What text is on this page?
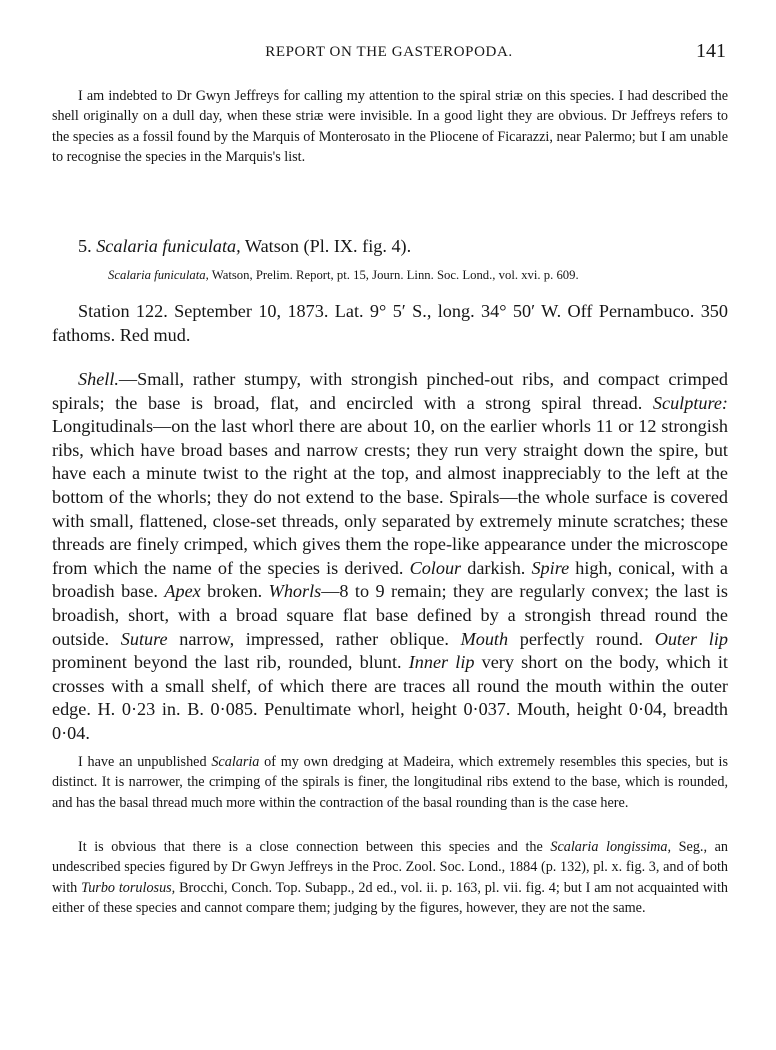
REPORT ON THE GASTEROPODA.	141

I am indebted to Dr Gwyn Jeffreys for calling my attention to the spiral striæ on this species. I had described the shell originally on a dull day, when these striæ were invisible. In a good light they are obvious. Dr Jeffreys refers to the species as a fossil found by the Marquis of Monterosato in the Pliocene of Ficarazzi, near Palermo; but I am unable to recognise the species in the Marquis's list.

5. Scalaria funiculata, Watson (Pl. IX. fig. 4).
Scalaria funiculata, Watson, Prelim. Report, pt. 15, Journ. Linn. Soc. Lond., vol. xvi. p. 609.

Station 122. September 10, 1873. Lat. 9° 5′ S., long. 34° 50′ W. Off Pernambuco. 350 fathoms. Red mud.

Shell.—Small, rather stumpy, with strongish pinched-out ribs, and compact crimped spirals; the base is broad, flat, and encircled with a strong spiral thread. Sculpture: Longitudinals—on the last whorl there are about 10, on the earlier whorls 11 or 12 strongish ribs, which have broad bases and narrow crests; they run very straight down the spire, but have each a minute twist to the right at the top, and almost inappreciably to the left at the bottom of the whorls; they do not extend to the base. Spirals—the whole surface is covered with small, flattened, close-set threads, only separated by extremely minute scratches; these threads are finely crimped, which gives them the rope-like appearance under the microscope from which the name of the species is derived. Colour darkish. Spire high, conical, with a broadish base. Apex broken. Whorls—8 to 9 remain; they are regularly convex; the last is broadish, short, with a broad square flat base defined by a strongish thread round the outside. Suture narrow, impressed, rather oblique. Mouth perfectly round. Outer lip prominent beyond the last rib, rounded, blunt. Inner lip very short on the body, which it crosses with a small shelf, of which there are traces all round the mouth within the outer edge. H. 0·23 in. B. 0·085. Penultimate whorl, height 0·037. Mouth, height 0·04, breadth 0·04.

I have an unpublished Scalaria of my own dredging at Madeira, which extremely resembles this species, but is distinct. It is narrower, the crimping of the spirals is finer, the longitudinal ribs extend to the base, which is rounded, and has the basal thread much more within the contraction of the basal rounding than is the case here.

It is obvious that there is a close connection between this species and the Scalaria longissima, Seg., an undescribed species figured by Dr Gwyn Jeffreys in the Proc. Zool. Soc. Lond., 1884 (p. 132), pl. x. fig. 3, and of both with Turbo torulosus, Brocchi, Conch. Top. Subapp., 2d ed., vol. ii. p. 163, pl. vii. fig. 4; but I am not acquainted with either of these species and cannot compare them; judging by the figures, however, they are not the same.
